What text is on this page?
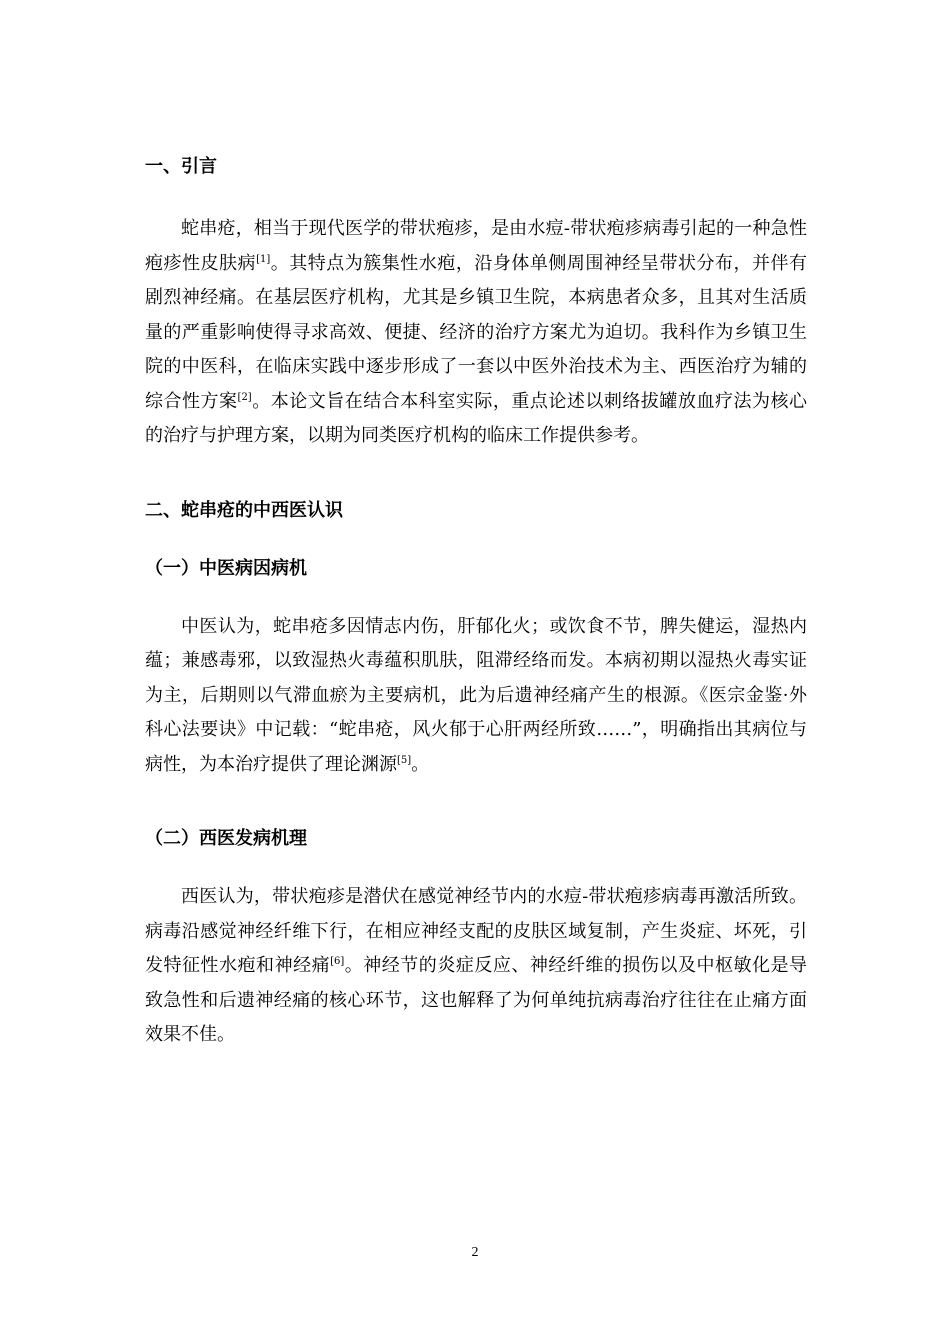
一、引言

蛇串疮，相当于现代医学的带状疱疹，是由水痘-带状疱疹病毒引起的一种急性疱疹性皮肤病[1]。其特点为簇集性水疱，沿身体单侧周围神经呈带状分布，并伴有剧烈神经痛。在基层医疗机构，尤其是乡镇卫生院，本病患者众多，且其对生活质量的严重影响使得寻求高效、便捷、经济的治疗方案尤为迫切。我科作为乡镇卫生院的中医科，在临床实践中逐步形成了一套以中医外治技术为主、西医治疗为辅的综合性方案[2]。本论文旨在结合本科室实际，重点论述以刺络拔罐放血疗法为核心的治疗与护理方案，以期为同类医疗机构的临床工作提供参考。

二、蛇串疮的中西医认识
（一）中医病因病机

中医认为，蛇串疮多因情志内伤，肝郁化火；或饮食不节，脾失健运，湿热内蕴；兼感毒邪，以致湿热火毒蕴积肌肤，阻滞经络而发。本病初期以湿热火毒实证为主，后期则以气滞血瘀为主要病机，此为后遗神经痛产生的根源。《医宗金鉴·外科心法要诀》中记载：“蛇串疮，风火郁于心肝两经所致……”，明确指出其病位与病性，为本治疗提供了理论渊源[5]。

（二）西医发病机理

西医认为，带状疱疹是潜伏在感觉神经节内的水痘-带状疱疹病毒再激活所致。病毒沿感觉神经纤维下行，在相应神经支配的皮肤区域复制，产生炎症、坏死，引发特征性水疱和神经痛[6]。神经节的炎症反应、神经纤维的损伤以及中枢敏化是导致急性和后遗神经痛的核心环节，这也解释了为何单纯抗病毒治疗往往在止痛方面效果不佳。

2
